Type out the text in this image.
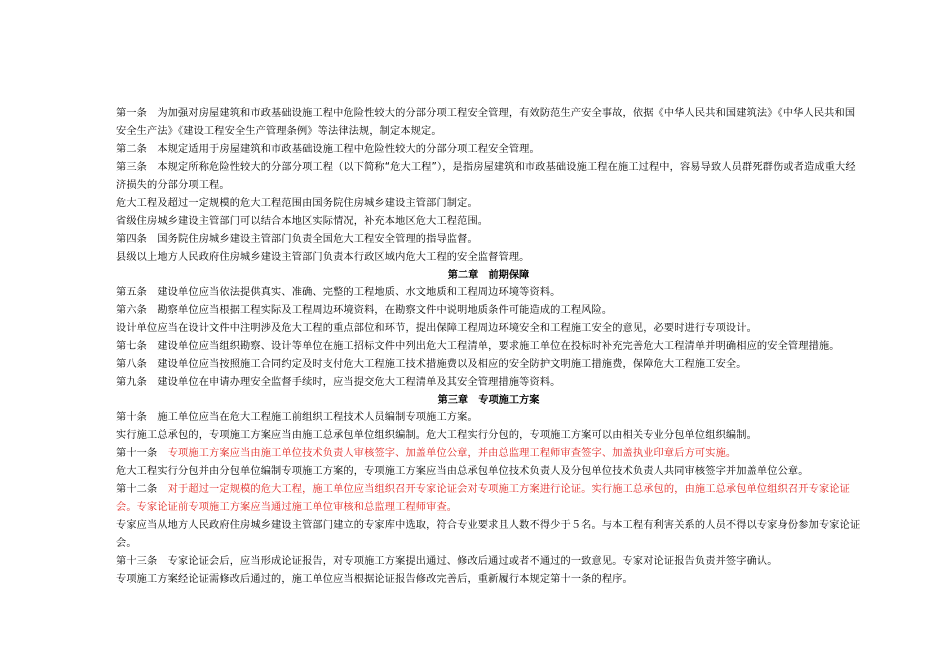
第一条　为加强对房屋建筑和市政基础设施工程中危险性较大的分部分项工程安全管理，有效防范生产安全事故，依据《中华人民共和国建筑法》《中华人民共和国安全生产法》《建设工程安全生产管理条例》等法律法规，制定本规定。

第二条　本规定适用于房屋建筑和市政基础设施工程中危险性较大的分部分项工程安全管理。

第三条　本规定所称危险性较大的分部分项工程（以下简称“危大工程”），是指房屋建筑和市政基础设施工程在施工过程中，容易导致人员群死群伤或者造成重大经济损失的分部分项工程。

危大工程及超过一定规模的危大工程范围由国务院住房城乡建设主管部门制定。

省级住房城乡建设主管部门可以结合本地区实际情况，补充本地区危大工程范围。

第四条　国务院住房城乡建设主管部门负责全国危大工程安全管理的指导监督。

县级以上地方人民政府住房城乡建设主管部门负责本行政区域内危大工程的安全监督管理。

第二章　前期保障

第五条　建设单位应当依法提供真实、准确、完整的工程地质、水文地质和工程周边环境等资料。

第六条　勘察单位应当根据工程实际及工程周边环境资料，在勘察文件中说明地质条件可能造成的工程风险。

设计单位应当在设计文件中注明涉及危大工程的重点部位和环节，提出保障工程周边环境安全和工程施工安全的意见，必要时进行专项设计。

第七条　建设单位应当组织勘察、设计等单位在施工招标文件中列出危大工程清单，要求施工单位在投标时补充完善危大工程清单并明确相应的安全管理措施。

第八条　建设单位应当按照施工合同约定及时支付危大工程施工技术措施费以及相应的安全防护文明施工措施费，保障危大工程施工安全。

第九条　建设单位在申请办理安全监督手续时，应当提交危大工程清单及其安全管理措施等资料。

第三章　专项施工方案

第十条　施工单位应当在危大工程施工前组织工程技术人员编制专项施工方案。

实行施工总承包的，专项施工方案应当由施工总承包单位组织编制。危大工程实行分包的，专项施工方案可以由相关专业分包单位组织编制。

第十一条　 专项施工方案应当由施工单位技术负责人审核签字、加盖单位公章，并由总监理工程师审查签字、加盖执业印章后方可实施。

危大工程实行分包并由分包单位编制专项施工方案的，专项施工方案应当由总承包单位技术负责人及分包单位技术负责人共同审核签字并加盖单位公章。

第十二条　 对于超过一定规模的危大工程，施工单位应当组织召开专家论证会对专项施工方案进行论证。实行施工总承包的，由施工总承包单位组织召开专家论证会。专家论证前专项施工方案应当通过施工单位审核和总监理工程师审查。

专家应当从地方人民政府住房城乡建设主管部门建立的专家库中选取，符合专业要求且人数不得少于５名。与本工程有利害关系的人员不得以专家身份参加专家论证会。

第十三条　专家论证会后，应当形成论证报告，对专项施工方案提出通过、修改后通过或者不通过的一致意见。专家对论证报告负责并签字确认。

专项施工方案经论证需修改后通过的，施工单位应当根据论证报告修改完善后，重新履行本规定第十一条的程序。
